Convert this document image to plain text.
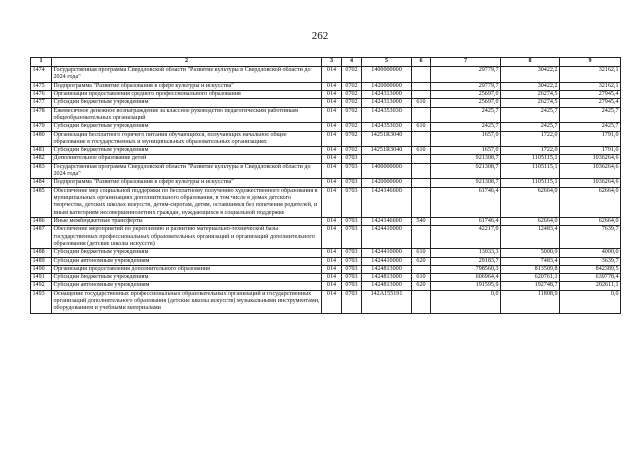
262
1	2	3	4	5	6	7	8	9
1474	Государственная программа Свердловской области "Развитие культуры в Свердловской области до 2024 года"	014	0702	1400000000		29779,7	30422,2	32162,1
1475	Подпрограмма "Развитие образования в сфере культуры и искусства"	014	0702	1420000000		29779,7	30422,2	32162,1
1476	Организация предоставления среднего профессионального образования	014	0702	1424313000		25697,0	26274,5	27945,4
1477	Субсидии бюджетным учреждениям	014	0702	1424313000	610	25697,0	26274,5	27945,4
1478	Ежемесячное денежное вознаграждение за классное руководство педагогическим работникам общеобразовательных организаций	014	0702	1424353030		2425,7	2425,7	2425,7
1479	Субсидии бюджетным учреждениям	014	0702	1424353030	610	2425,7	2425,7	2425,7
1480	Организация бесплатного горячего питания обучающихся, получающих начальное общее образование в государственных и муниципальных образовательных организациях	014	0702	14251R3040		1657,0	1722,0	1791,0
1481	Субсидии бюджетным учреждениям	014	0702	14251R3040	610	1657,0	1722,0	1791,0
1482	Дополнительное образование детей	014	0703			921308,7	1105115,1	1036264,6
1483	Государственная программа Свердловской области "Развитие культуры в Свердловской области до 2024 года"	014	0703	1400000000		921308,7	1105115,1	1036264,6
1484	Подпрограмма "Развитие образования в сфере культуры и искусства"	014	0703	1420000000		921308,7	1105115,1	1036264,6
1485	Обеспечение мер социальной поддержки по бесплатному получению художественного образования в муниципальных организациях дополнительного образования, в том числе в домах детского творчества, детских школах искусств, детям-сиротам, детям, оставшимся без попечения родителей, и иным категориям несовершеннолетних граждан, нуждающихся в социальной поддержке	014	0703	1424146600		61746,4	62664,0	62664,0
1486	Иные межбюджетные трансферты	014	0703	1424146600	540	61746,4	62664,0	62664,0
1487	Обеспечение мероприятий по укреплению и развитию материально-технической базы государственных профессиональных образовательных организаций и организаций дополнительного образования (детские школы искусств)	014	0703	1424410000		42217,0	12483,4	7639,7
1488	Субсидии бюджетным учреждениям	014	0703	1424410000	610	13033,3	5000,0	4000,0
1489	Субсидии автономным учреждениям	014	0703	1424410000	620	29183,7	7483,4	3639,7
1490	Организация предоставления дополнительного образования	014	0703	1424813000		798560,3	813509,8	842389,5
1491	Субсидии бюджетным учреждениям	014	0703	1424813000	610	606964,4	620761,1	639778,4
1492	Субсидии автономным учреждениям	014	0703	1424813000	620	191595,9	192748,7	202611,1
1493	Оснащение государственных профессиональных образовательных организаций и государственных организаций дополнительного образования (детские школы искусств) музыкальными инструментами, оборудованием и учебными материалами	014	0703	142A155191		0,0	11808,0	0,0
